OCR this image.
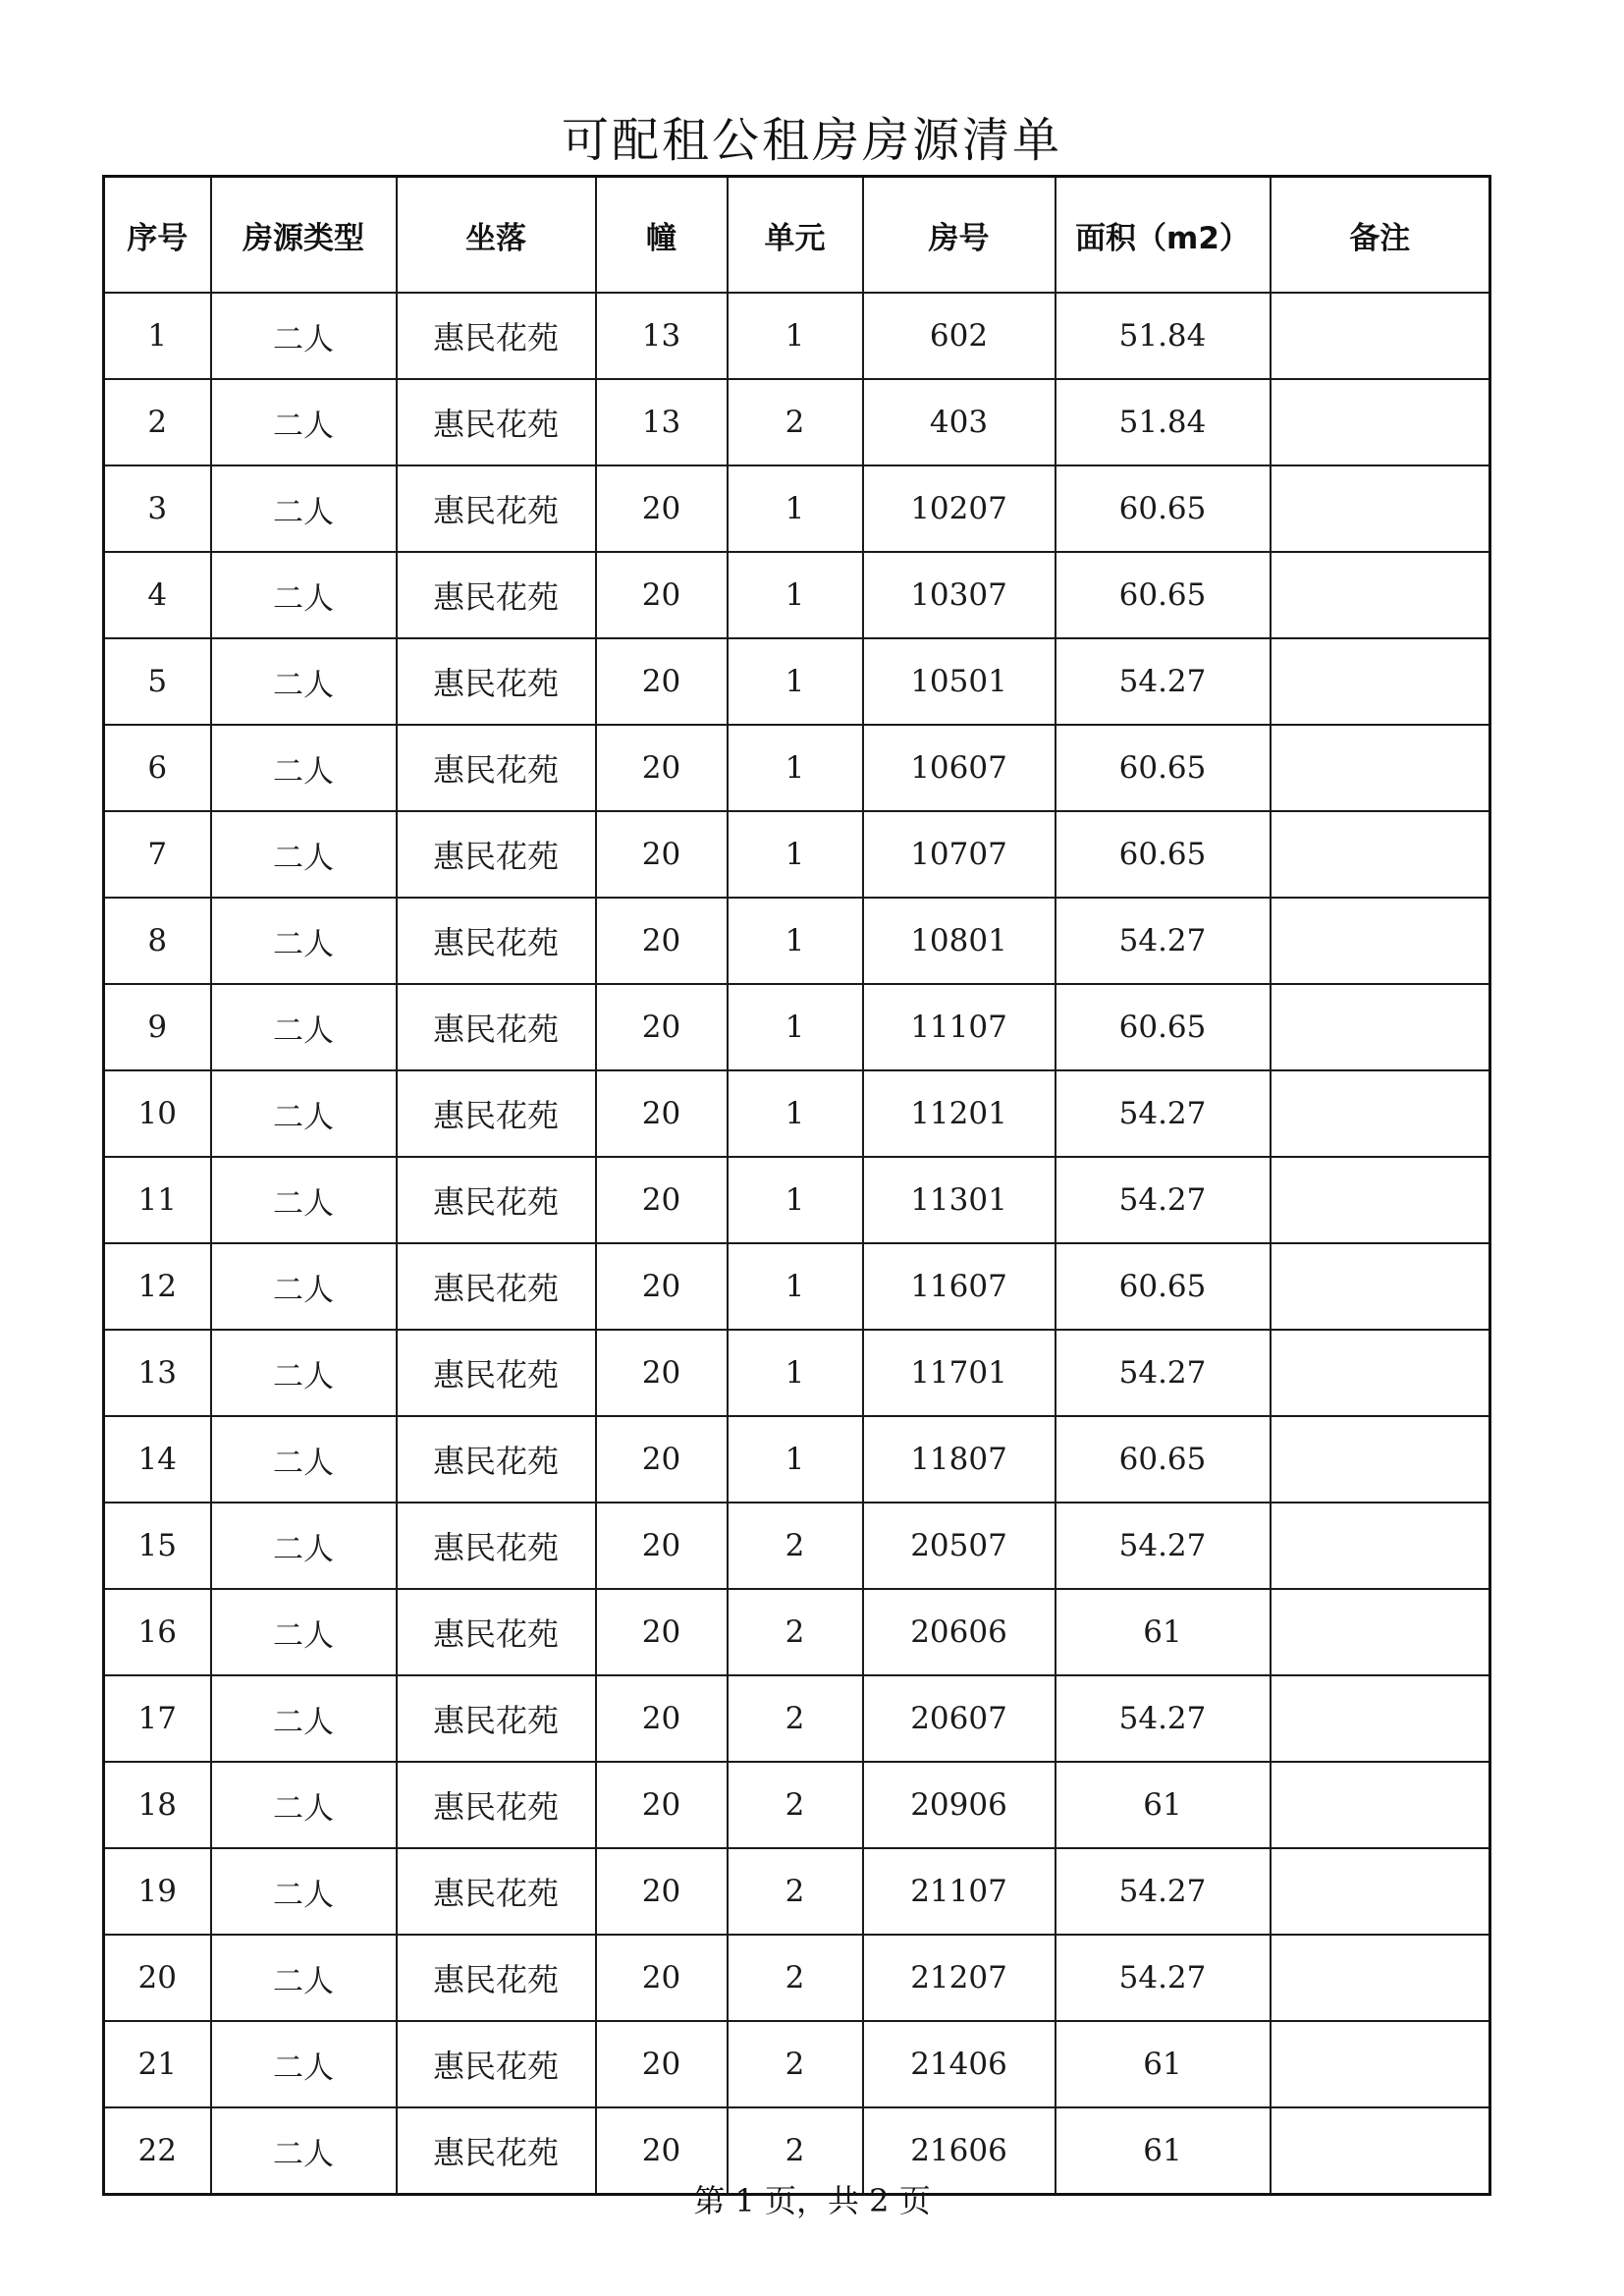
可配租公租房房源清单
序号	房源类型	坐落	幢	单元	房号	面积（m2）	备注
1	二人	惠民花苑	13	1	602	51.84	
2	二人	惠民花苑	13	2	403	51.84	
3	二人	惠民花苑	20	1	10207	60.65	
4	二人	惠民花苑	20	1	10307	60.65	
5	二人	惠民花苑	20	1	10501	54.27	
6	二人	惠民花苑	20	1	10607	60.65	
7	二人	惠民花苑	20	1	10707	60.65	
8	二人	惠民花苑	20	1	10801	54.27	
9	二人	惠民花苑	20	1	11107	60.65	
10	二人	惠民花苑	20	1	11201	54.27	
11	二人	惠民花苑	20	1	11301	54.27	
12	二人	惠民花苑	20	1	11607	60.65	
13	二人	惠民花苑	20	1	11701	54.27	
14	二人	惠民花苑	20	1	11807	60.65	
15	二人	惠民花苑	20	2	20507	54.27	
16	二人	惠民花苑	20	2	20606	61	
17	二人	惠民花苑	20	2	20607	54.27	
18	二人	惠民花苑	20	2	20906	61	
19	二人	惠民花苑	20	2	21107	54.27	
20	二人	惠民花苑	20	2	21207	54.27	
21	二人	惠民花苑	20	2	21406	61	
22	二人	惠民花苑	20	2	21606	61	
第 1 页，共 2 页
